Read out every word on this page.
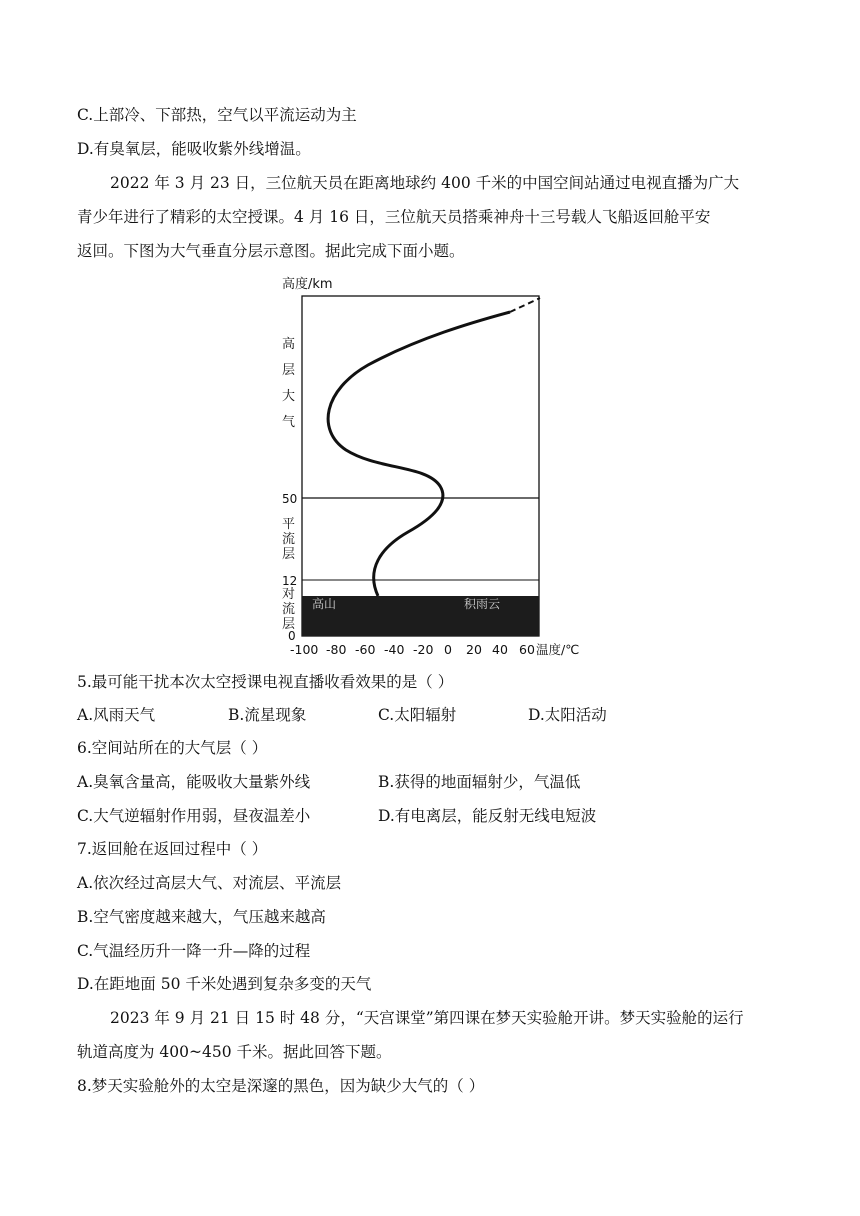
C.上部冷、下部热，空气以平流运动为主
D.有臭氧层，能吸收紫外线增温。
2022 年 3 月 23 日，三位航天员在距离地球约 400 千米的中国空间站通过电视直播为广大
青少年进行了精彩的太空授课。4 月 16 日，三位航天员搭乘神舟十三号载人飞船返回舱平安
返回。下图为大气垂直分层示意图。据此完成下面小题。
高山	积雨云
高度/km
高
层
大
气
平
流
层
对
流
层
50
12
0
-100 -80 -60 -40 -20 0 20 40 60 温度/℃
5.最可能干扰本次太空授课电视直播收看效果的是（ ）
A.风雨天气	B.流星现象	C.太阳辐射	D.太阳活动
6.空间站所在的大气层（ ）
A.臭氧含量高，能吸收大量紫外线	B.获得的地面辐射少，气温低
C.大气逆辐射作用弱，昼夜温差小	D.有电离层，能反射无线电短波
7.返回舱在返回过程中（ ）
A.依次经过高层大气、对流层、平流层
B.空气密度越来越大，气压越来越高
C.气温经历升一降一升—降的过程
D.在距地面 50 千米处遇到复杂多变的天气
2023 年 9 月 21 日 15 时 48 分，“天宫课堂”第四课在梦天实验舱开讲。梦天实验舱的运行
轨道高度为 400~450 千米。据此回答下题。
8.梦天实验舱外的太空是深邃的黑色，因为缺少大气的（ ）
